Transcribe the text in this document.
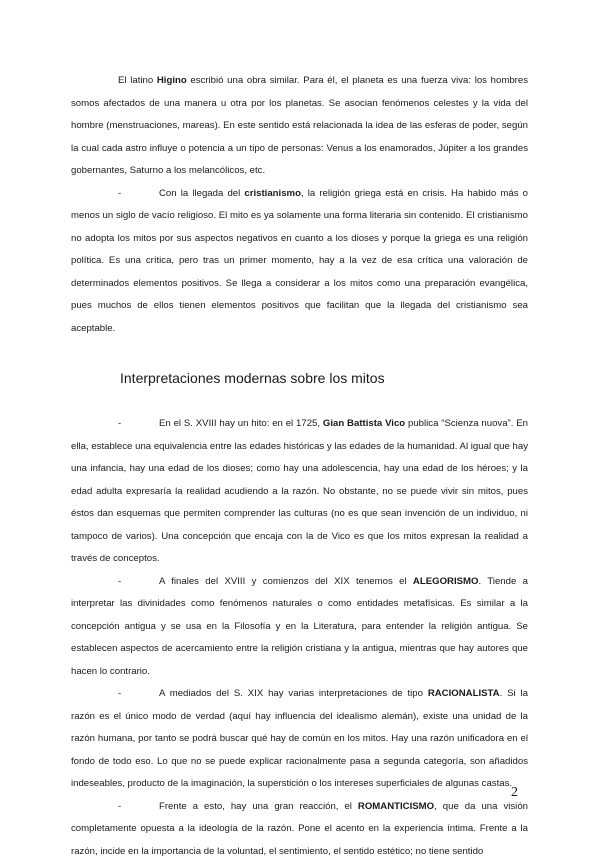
El latino Higino escribió una obra similar. Para él, el planeta es una fuerza viva: los hombres somos afectados de una manera u otra por los planetas. Se asocian fenómenos celestes y la vida del hombre (menstruaciones, mareas). En este sentido está relacionada la idea de las esferas de poder, según la cual cada astro influye o potencia a un tipo de personas: Venus a los enamorados, Júpiter a los grandes gobernantes, Saturno a los melancólicos, etc.

-	Con la llegada del cristianismo, la religión griega está en crisis. Ha habido más o menos un siglo de vacío religioso. El mito es ya solamente una forma literaria sin contenido. El cristianismo no adopta los mitos por sus aspectos negativos en cuanto a los dioses y porque la griega es una religión política. Es una crítica, pero tras un primer momento, hay a la vez de esa crítica una valoración de determinados elementos positivos. Se llega a considerar a los mitos como una preparación evangélica, pues muchos de ellos tienen elementos positivos que facilitan que la llegada del cristianismo sea aceptable.

Interpretaciones modernas sobre los mitos

-	En el S. XVIII hay un hito: en el 1725, Gian Battista Vico publica “Scienza nuova”. En ella, establece una equivalencia entre las edades históricas y las edades de la humanidad. Al igual que hay una infancia, hay una edad de los dioses; como hay una adolescencia, hay una edad de los héroes; y la edad adulta expresaría la realidad acudiendo a la razón. No obstante, no se puede vivir sin mitos, pues éstos dan esquemas que permiten comprender las culturas (no es que sean invención de un individuo, ni tampoco de varios). Una concepción que encaja con la de Vico es que los mitos expresan la realidad a través de conceptos.

-	A finales del XVIII y comienzos del XIX tenemos el ALEGORISMO. Tiende a interpretar las divinidades como fenómenos naturales o como entidades metafísicas. Es similar a la concepción antigua y se usa en la Filosofía y en la Literatura, para entender la religión antigua. Se establecen aspectos de acercamiento entre la religión cristiana y la antigua, mientras que hay autores que hacen lo contrario.

-	A mediados del S. XIX hay varias interpretaciones de tipo RACIONALISTA. Si la razón es el único modo de verdad (aquí hay influencia del idealismo alemán), existe una unidad de la razón humana, por tanto se podrá buscar qué hay de común en los mitos. Hay una razón unificadora en el fondo de todo eso. Lo que no se puede explicar racionalmente pasa a segunda categoría, son añadidos indeseables, producto de la imaginación, la superstición o los intereses superficiales de algunas castas.

-	Frente a esto, hay una gran reacción, el ROMANTICISMO, que da una visión completamente opuesta a la ideología de la razón. Pone el acento en la experiencia íntima. Frente a la razón, incide en la importancia de la voluntad, el sentimiento, el sentido estético; no tiene sentido

2
